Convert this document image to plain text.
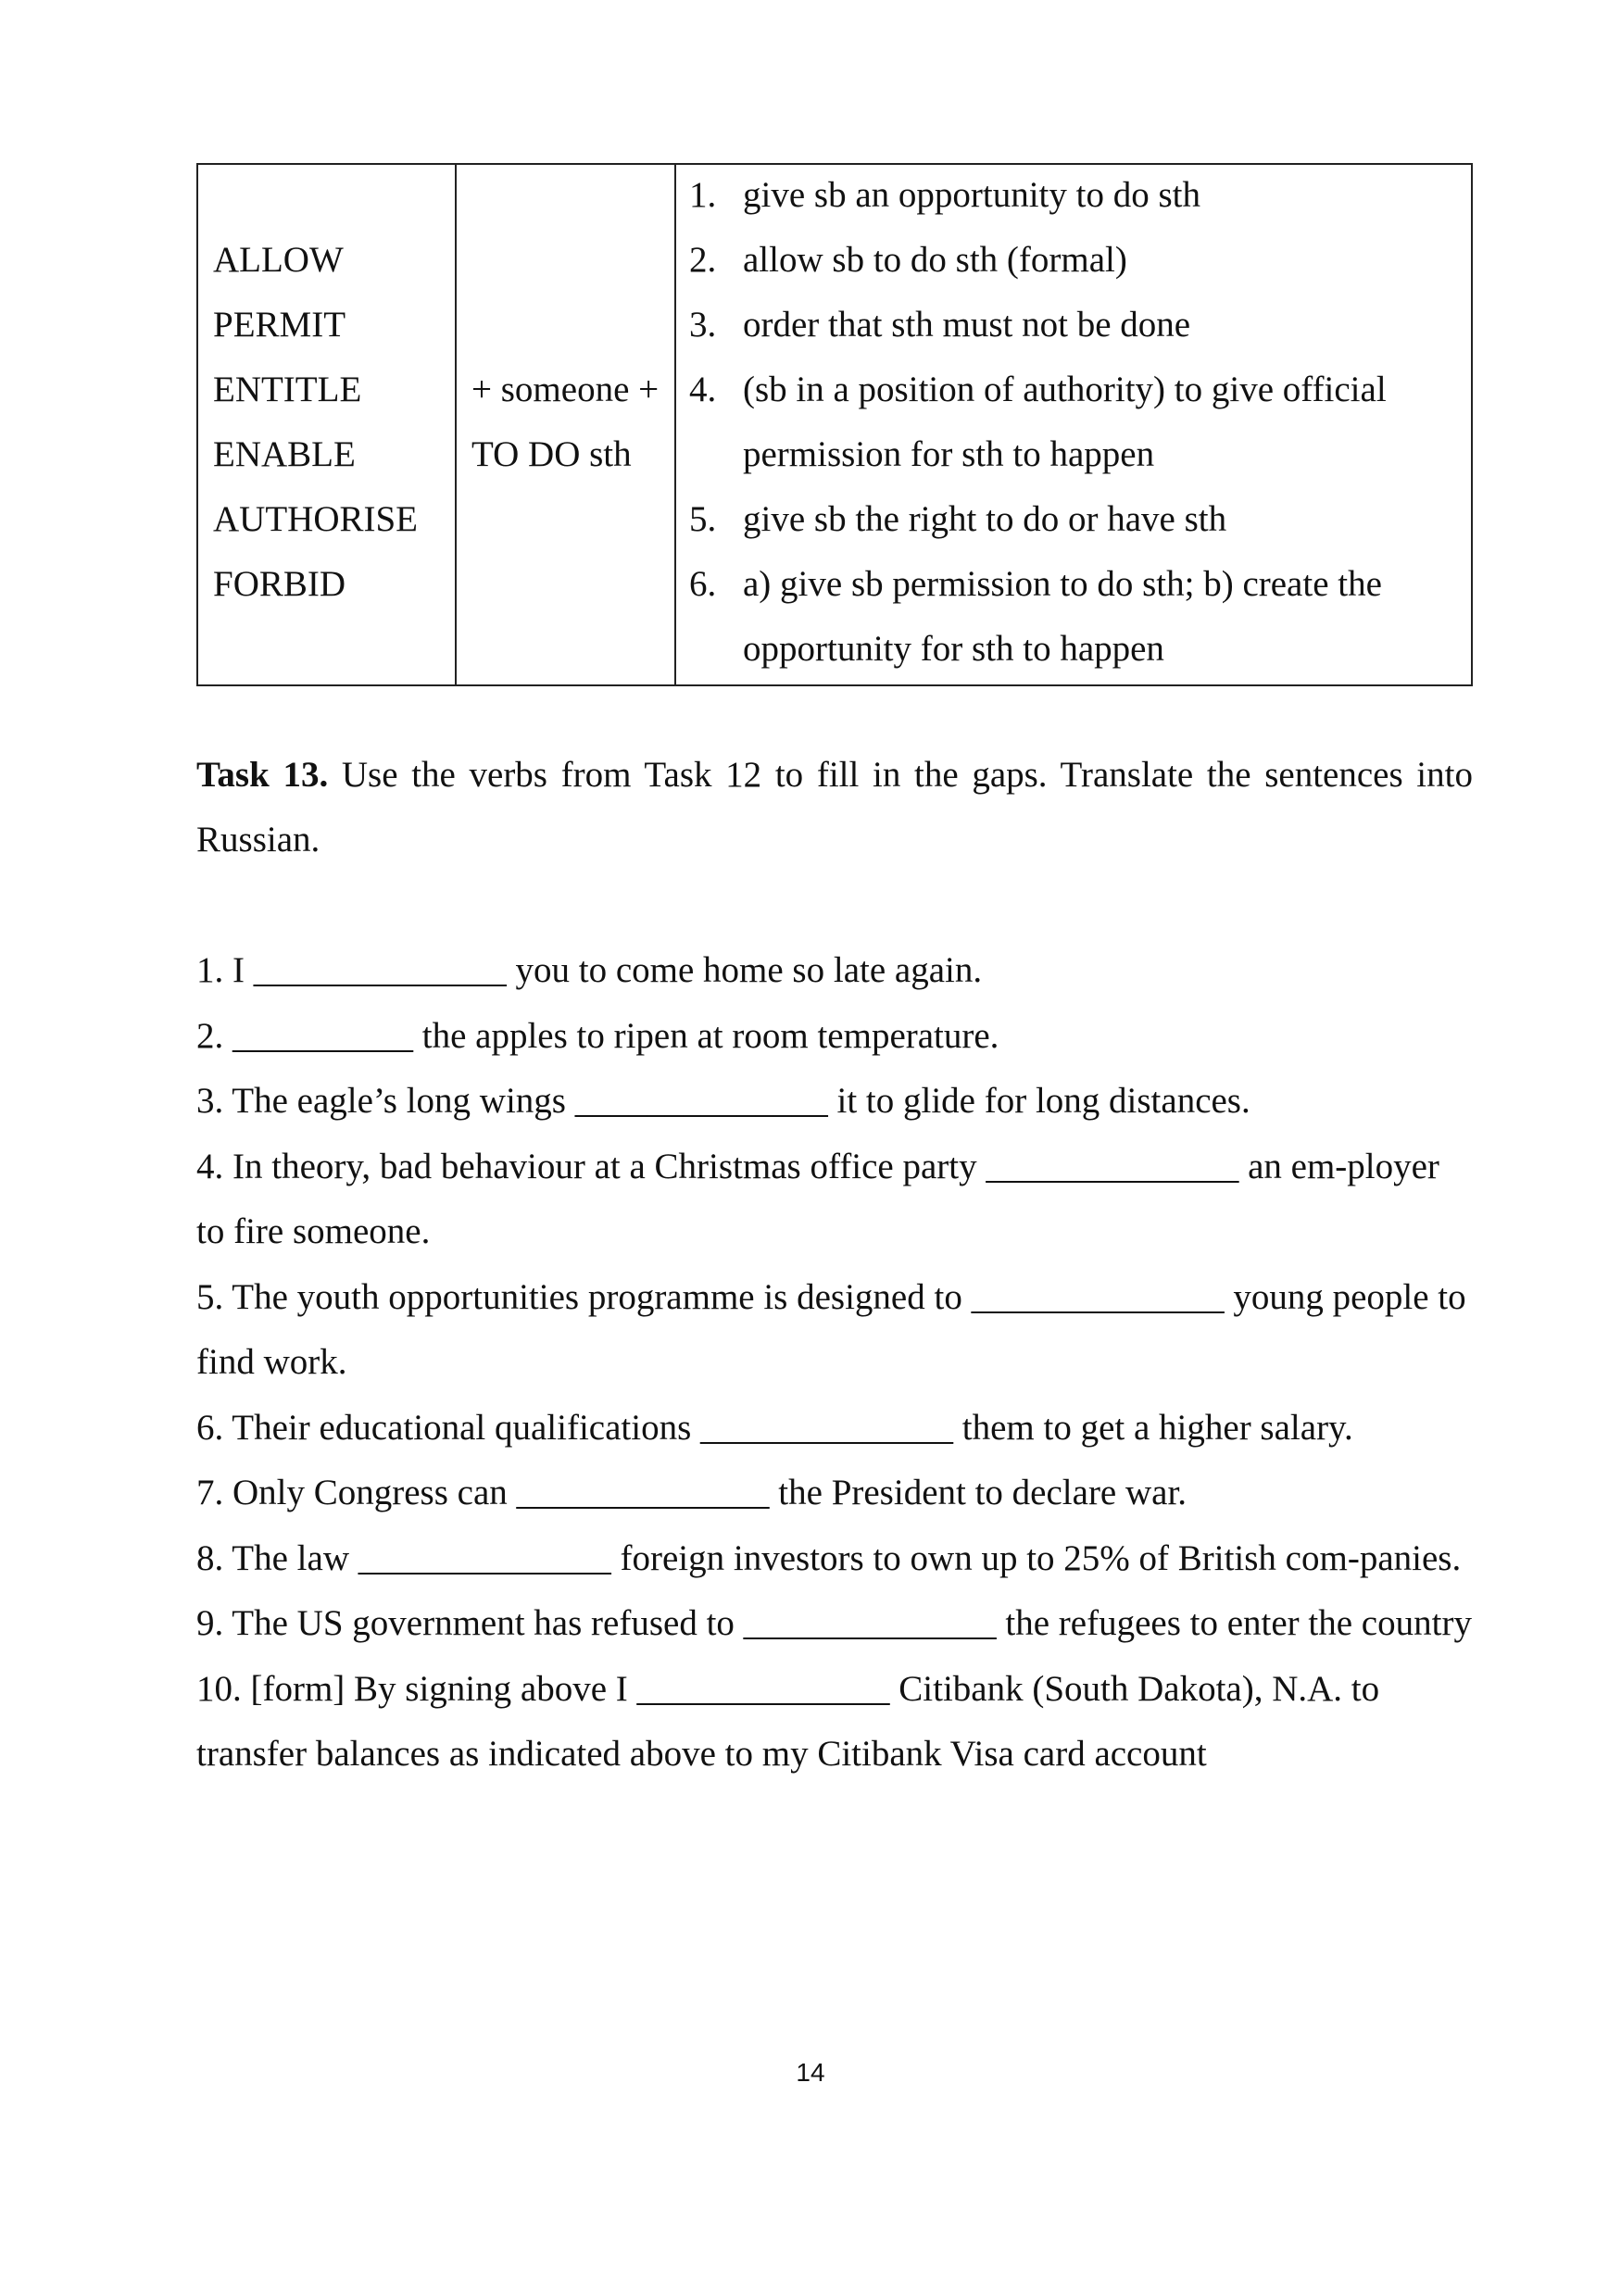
ALLOW
PERMIT
ENTITLE
ENABLE
AUTHORISE
FORBID
+ someone +
TO DO sth
1. give sb an opportunity to do sth
2. allow sb to do sth (formal)
3. order that sth must not be done
4. (sb in a position of authority) to give official
permission for sth to happen
5. give sb the right to do or have sth
6. a) give sb permission to do sth; b) create the
opportunity for sth to happen

Task 13. Use the verbs from Task 12 to fill in the gaps. Translate the sentences into Russian.

1. I ______________ you to come home so late again.
2. __________ the apples to ripen at room temperature.
3. The eagle’s long wings ______________ it to glide for long distances.
4. In theory, bad behaviour at a Christmas office party ______________ an em-ployer to fire someone.
5. The youth opportunities programme is designed to ______________ young people to find work.
6. Their educational qualifications ______________ them to get a higher salary.
7. Only Congress can ______________ the President to declare war.
8. The law ______________ foreign investors to own up to 25% of British com-panies.
9. The US government has refused to ______________ the refugees to enter the country
10. [form] By signing above I ______________ Citibank (South Dakota), N.A. to transfer balances as indicated above to my Citibank Visa card account
14
